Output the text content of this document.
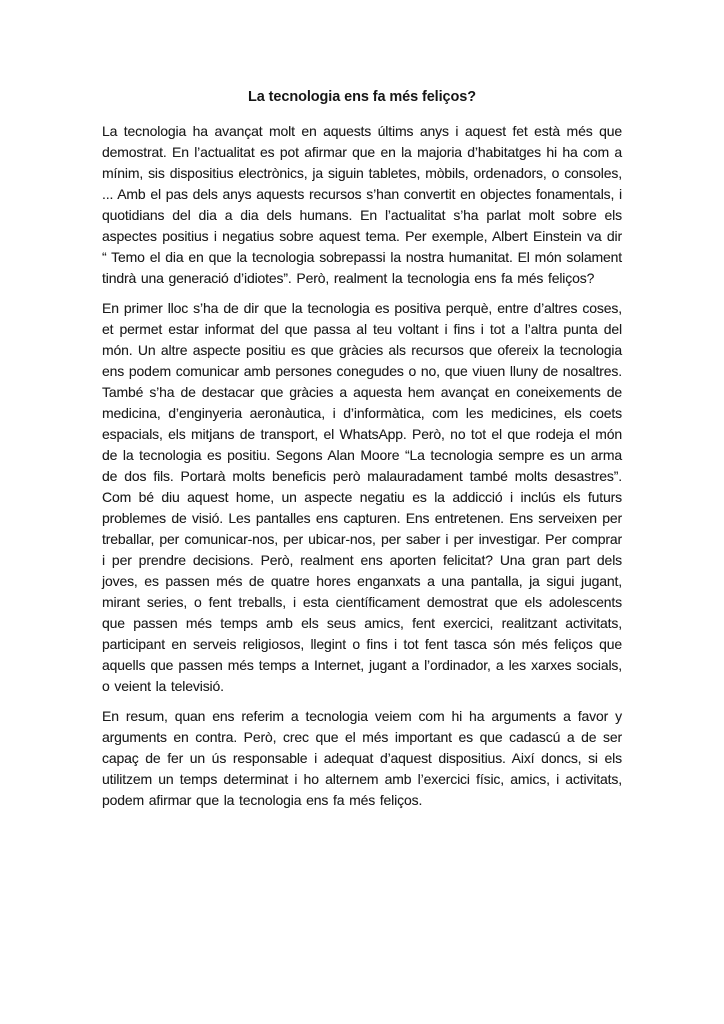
La tecnologia ens fa més feliços?

La tecnologia ha avançat molt en aquests últims anys i aquest fet està més que demostrat. En l’actualitat es pot afirmar que en la majoria d’habitatges hi ha com a mínim, sis dispositius electrònics, ja siguin tabletes, mòbils, ordenadors, o consoles, ... Amb el pas dels anys aquests recursos s’han convertit en objectes fonamentals, i quotidians del dia a dia dels humans. En l’actualitat s’ha parlat molt sobre els aspectes positius i negatius sobre aquest tema. Per exemple, Albert Einstein va dir “ Temo el dia en que la tecnologia sobrepassi la nostra humanitat. El món solament tindrà una generació d’idiotes”. Però, realment la tecnologia ens fa més feliços?

En primer lloc s’ha de dir que la tecnologia es positiva perquè, entre d’altres coses, et permet estar informat del que passa al teu voltant i fins i tot a l’altra punta del món. Un altre aspecte positiu es que gràcies als recursos que ofereix la tecnologia ens podem comunicar amb persones conegudes o no, que viuen lluny de nosaltres. També s’ha de destacar que gràcies a aquesta hem avançat en coneixements de medicina, d’enginyeria aeronàutica, i d’informàtica, com les medicines, els coets espacials, els mitjans de transport, el WhatsApp. Però, no tot el que rodeja el món de la tecnologia es positiu. Segons Alan Moore “La tecnologia sempre es un arma de dos fils. Portarà molts beneficis però malauradament també molts desastres”. Com bé diu aquest home, un aspecte negatiu es la addicció i inclús els futurs problemes de visió. Les pantalles ens capturen. Ens entretenen. Ens serveixen per treballar, per comunicar-nos, per ubicar-nos, per saber i per investigar. Per comprar i per prendre decisions. Però, realment ens aporten felicitat? Una gran part dels joves, es passen més de quatre hores enganxats a una pantalla, ja sigui jugant, mirant series, o fent treballs, i esta científicament demostrat que els adolescents que passen més temps amb els seus amics, fent exercici, realitzant activitats, participant en serveis religiosos, llegint o fins i tot fent tasca són més feliços que aquells que passen més temps a Internet, jugant a l’ordinador, a les xarxes socials, o veient la televisió.

En resum, quan ens referim a tecnologia veiem com hi ha arguments a favor y arguments en contra. Però, crec que el més important es que cadascú a de ser capaç de fer un ús responsable i adequat d’aquest dispositius. Així doncs, si els utilitzem un temps determinat i ho alternem amb l’exercici físic, amics, i activitats, podem afirmar que la tecnologia ens fa més feliços.
